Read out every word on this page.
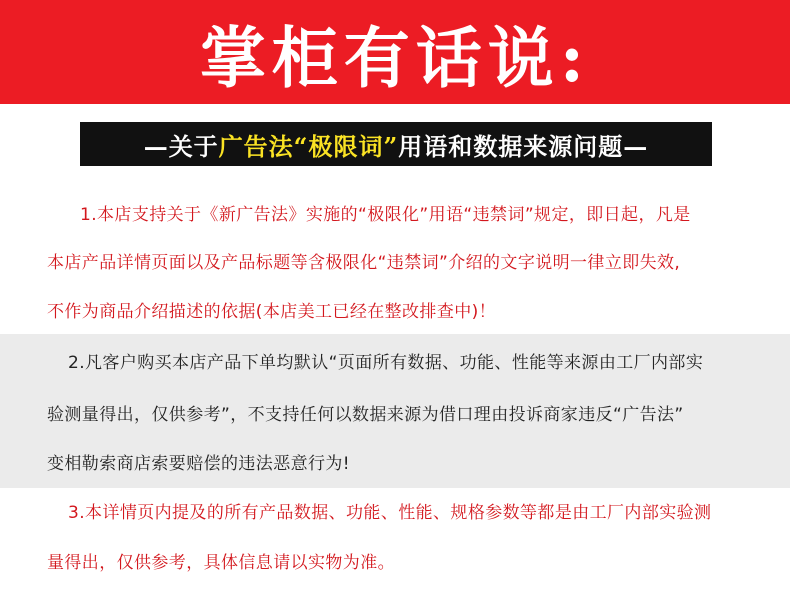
掌柜有话说:
—关于 广告法“极限词” 用语和数据来源问题—
1.本店支持关于《新广告法》实施的“极限化”用语“违禁词”规定，即日起，凡是
本店产品详情页面以及产品标题等含极限化“违禁词”介绍的文字说明一律立即失效,
不作为商品介绍描述的依据(本店美工已经在整改排查中)！
2.凡客户购买本店产品下单均默认“页面所有数据、功能、性能等来源由工厂内部实
验测量得出，仅供参考”，不支持任何以数据来源为借口理由投诉商家违反“广告法”
变相勒索商店索要赔偿的违法恶意行为!
3.本详情页内提及的所有产品数据、功能、性能、规格参数等都是由工厂内部实验测
量得出，仅供参考，具体信息请以实物为准。
